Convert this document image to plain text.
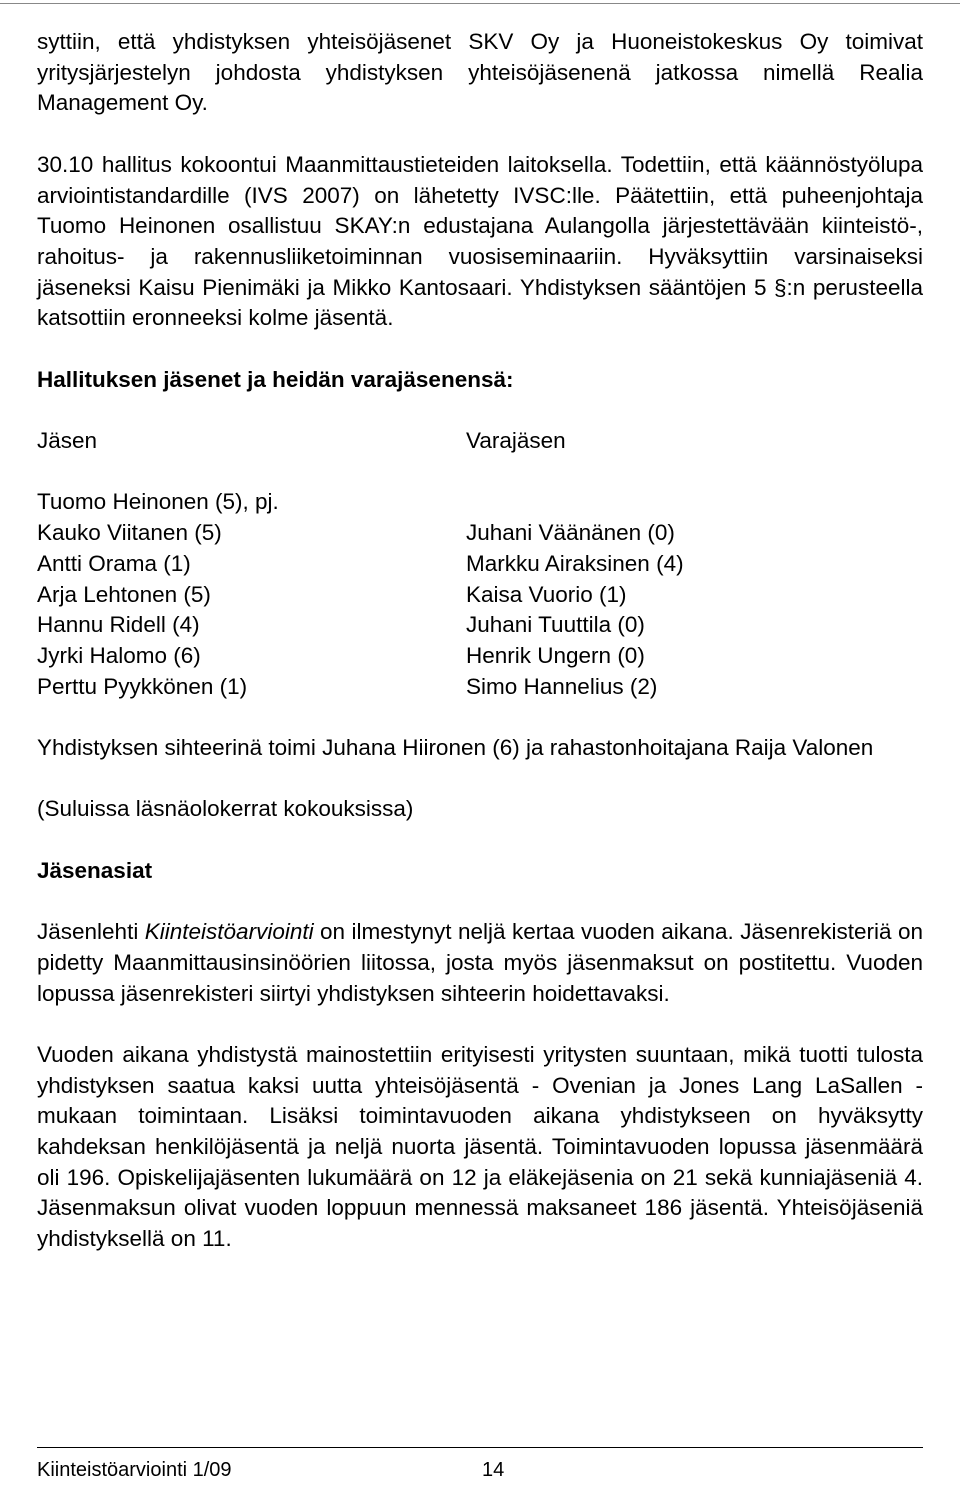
syttiin, että yhdistyksen yhteisöjäsenet SKV Oy ja Huoneistokeskus Oy toimivat yritysjärjestelyn johdosta yhdistyksen yhteisöjäsenenä jatkossa nimellä Realia Management Oy.

30.10 hallitus kokoontui Maanmittaustieteiden laitoksella. Todettiin, että käännöstyölupa arviointistandardille (IVS 2007) on lähetetty IVSC:lle. Päätettiin, että puheenjohtaja Tuomo Heinonen osallistuu SKAY:n edustajana Aulangolla järjestettävään kiinteistö-, rahoitus- ja rakennusliiketoiminnan vuosiseminaariin. Hyväksyttiin varsinaiseksi jäseneksi Kaisu Pienimäki ja Mikko Kantosaari. Yhdistyksen sääntöjen 5 §:n perusteella katsottiin eronneeksi kolme jäsentä.

Hallituksen jäsenet ja heidän varajäsenensä:
Jäsen	Varajäsen
Tuomo Heinonen (5), pj.
Kauko Viitanen (5)	Juhani Väänänen (0)
Antti Orama (1)	Markku Airaksinen (4)
Arja Lehtonen (5)	Kaisa Vuorio (1)
Hannu Ridell (4)	Juhani Tuuttila (0)
Jyrki Halomo (6)	Henrik Ungern (0)
Perttu Pyykkönen (1)	Simo Hannelius (2)

Yhdistyksen sihteerinä toimi Juhana Hiironen (6) ja rahastonhoitajana Raija Valonen

(Suluissa läsnäolokerrat kokouksissa)

Jäsenasiat

Jäsenlehti Kiinteistöarviointi on ilmestynyt neljä kertaa vuoden aikana. Jäsenrekisteriä on pidetty Maanmittausinsinöörien liitossa, josta myös jäsenmaksut on postitettu. Vuoden lopussa jäsenrekisteri siirtyi yhdistyksen sihteerin hoidettavaksi.

Vuoden aikana yhdistystä mainostettiin erityisesti yritysten suuntaan, mikä tuotti tulosta yhdistyksen saatua kaksi uutta yhteisöjäsentä - Ovenian ja Jones Lang LaSallen - mukaan toimintaan. Lisäksi toimintavuoden aikana yhdistykseen on hyväksytty kahdeksan henkilöjäsentä ja neljä nuorta jäsentä. Toimintavuoden lopussa jäsenmäärä oli 196. Opiskelijajäsenten lukumäärä on 12 ja eläkejäsenia on 21 sekä kunniajäseniä 4. Jäsenmaksun olivat vuoden loppuun mennessä maksaneet 186 jäsentä. Yhteisöjäseniä yhdistyksellä on 11.

Kiinteistöarviointi 1/09	14
